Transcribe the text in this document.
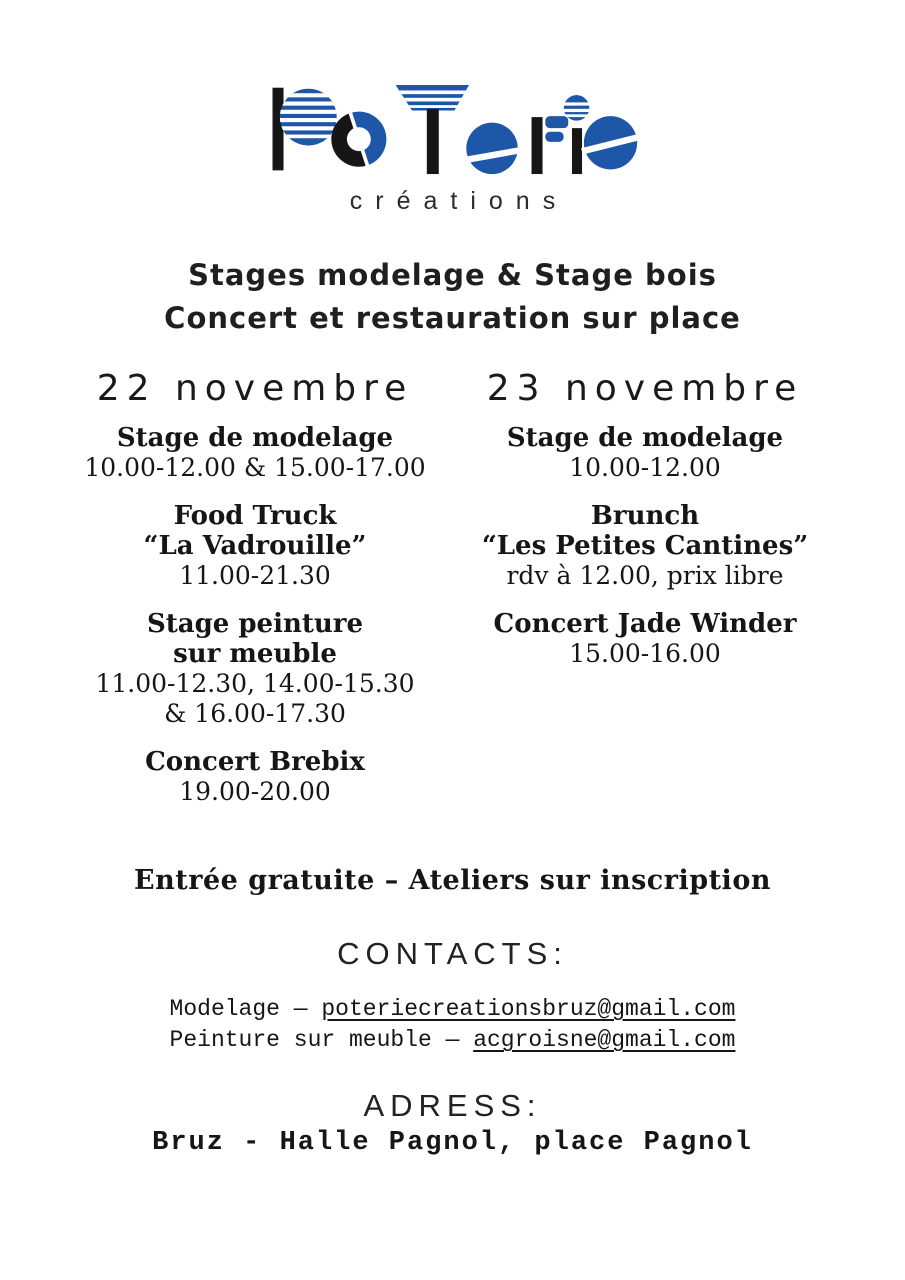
créations
Stages modelage & Stage bois
Concert et restauration sur place
22 novembre
Stage de modelage
10.00-12.00 & 15.00-17.00
Food Truck
“La Vadrouille”
11.00-21.30
Stage peinture
sur meuble
11.00-12.30, 14.00-15.30
& 16.00-17.30
Concert Brebix
19.00-20.00
23 novembre
Stage de modelage
10.00-12.00
Brunch
“Les Petites Cantines”
rdv à 12.00, prix libre
Concert Jade Winder
15.00-16.00
Entrée gratuite – Ateliers sur inscription
CONTACTS:
Modelage — poteriecreationsbruz@gmail.com
Peinture sur meuble — acgroisne@gmail.com
ADRESS:
Bruz - Halle Pagnol, place Pagnol
